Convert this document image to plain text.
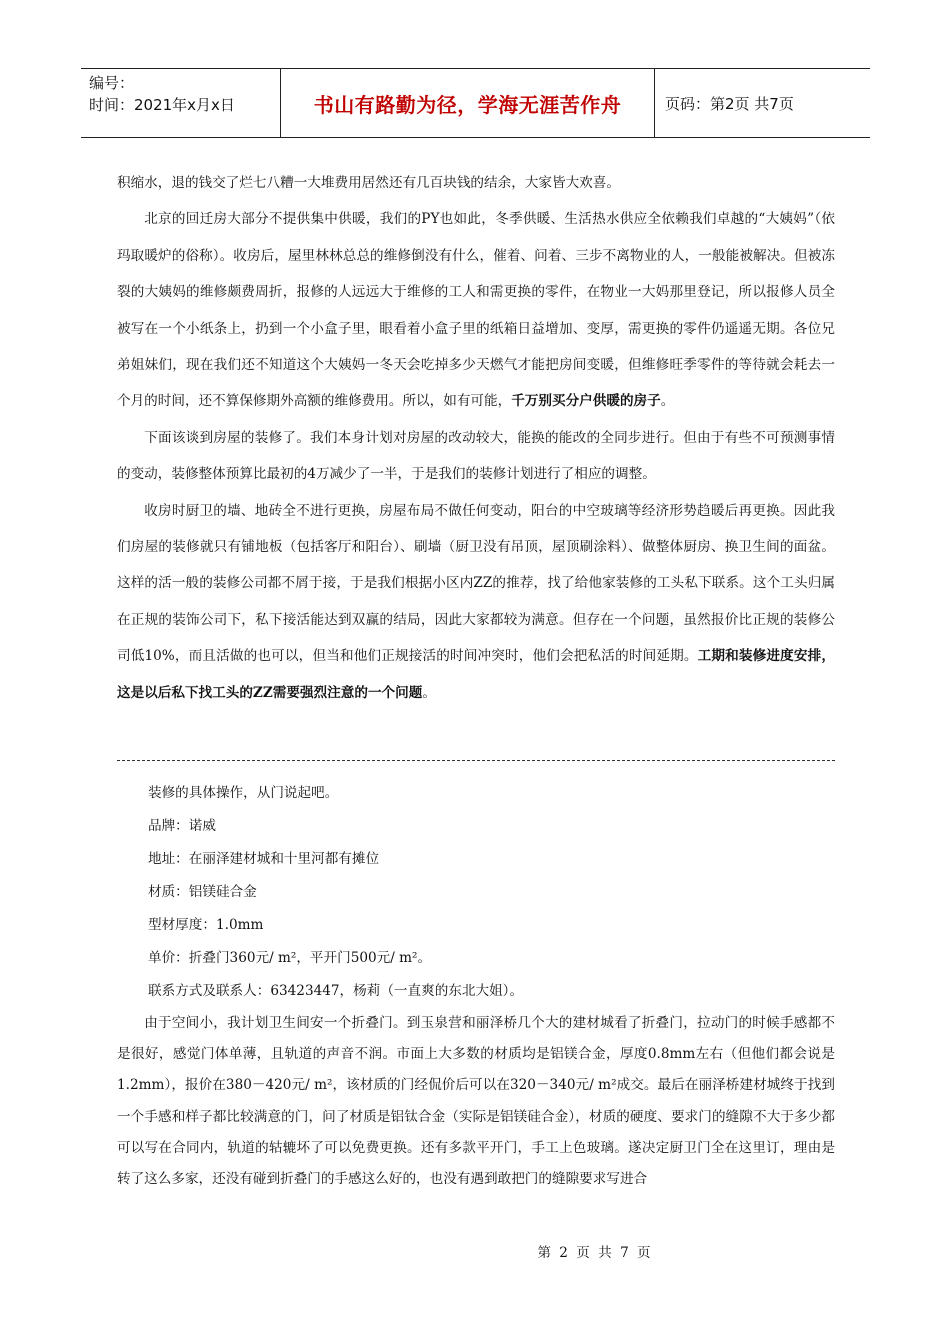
编号：
时间：2021年x月x日	书山有路勤为径，学海无涯苦作舟	页码：第2页 共7页

积缩水，退的钱交了烂七八糟一大堆费用居然还有几百块钱的结余，大家皆大欢喜。

北京的回迁房大部分不提供集中供暖，我们的PY也如此，冬季供暖、生活热水供应全依赖我们卓越的“大姨妈”（依玛取暖炉的俗称）。收房后，屋里林林总总的维修倒没有什么，催着、问着、三步不离物业的人，一般能被解决。但被冻裂的大姨妈的维修颇费周折，报修的人远远大于维修的工人和需更换的零件，在物业一大妈那里登记，所以报修人员全被写在一个小纸条上，扔到一个小盒子里，眼看着小盒子里的纸箱日益增加、变厚，需更换的零件仍遥遥无期。各位兄弟姐妹们，现在我们还不知道这个大姨妈一冬天会吃掉多少天燃气才能把房间变暖，但维修旺季零件的等待就会耗去一个月的时间，还不算保修期外高额的维修费用。所以，如有可能，千万别买分户供暖的房子。

下面该谈到房屋的装修了。我们本身计划对房屋的改动较大，能换的能改的全同步进行。但由于有些不可预测事情的变动，装修整体预算比最初的4万减少了一半，于是我们的装修计划进行了相应的调整。

收房时厨卫的墙、地砖全不进行更换，房屋布局不做任何变动，阳台的中空玻璃等经济形势趋暖后再更换。因此我们房屋的装修就只有铺地板（包括客厅和阳台）、刷墙（厨卫没有吊顶，屋顶刷涂料）、做整体厨房、换卫生间的面盆。这样的活一般的装修公司都不屑于接，于是我们根据小区内ZZ的推荐，找了给他家装修的工头私下联系。这个工头归属在正规的装饰公司下，私下接活能达到双赢的结局，因此大家都较为满意。但存在一个问题，虽然报价比正规的装修公司低10%，而且活做的也可以，但当和他们正规接活的时间冲突时，他们会把私活的时间延期。工期和装修进度安排，这是以后私下找工头的ZZ需要强烈注意的一个问题。

装修的具体操作，从门说起吧。

品牌：诺威

地址：在丽泽建材城和十里河都有摊位

材质：铝镁硅合金

型材厚度：1.0mm

单价：折叠门360元/ m²，平开门500元/ m²。

联系方式及联系人：63423447，杨莉（一直爽的东北大姐）。

由于空间小，我计划卫生间安一个折叠门。到玉泉营和丽泽桥几个大的建材城看了折叠门，拉动门的时候手感都不是很好，感觉门体单薄，且轨道的声音不润。市面上大多数的材质均是铝镁合金，厚度0.8mm左右（但他们都会说是1.2mm），报价在380－420元/ m²，该材质的门经侃价后可以在320－340元/ m²成交。最后在丽泽桥建材城终于找到一个手感和样子都比较满意的门，问了材质是铝钛合金（实际是铝镁硅合金），材质的硬度、要求门的缝隙不大于多少都可以写在合同内，轨道的轱辘坏了可以免费更换。还有多款平开门，手工上色玻璃。遂决定厨卫门全在这里订，理由是转了这么多家，还没有碰到折叠门的手感这么好的，也没有遇到敢把门的缝隙要求写进合

第 2 页 共 7 页
